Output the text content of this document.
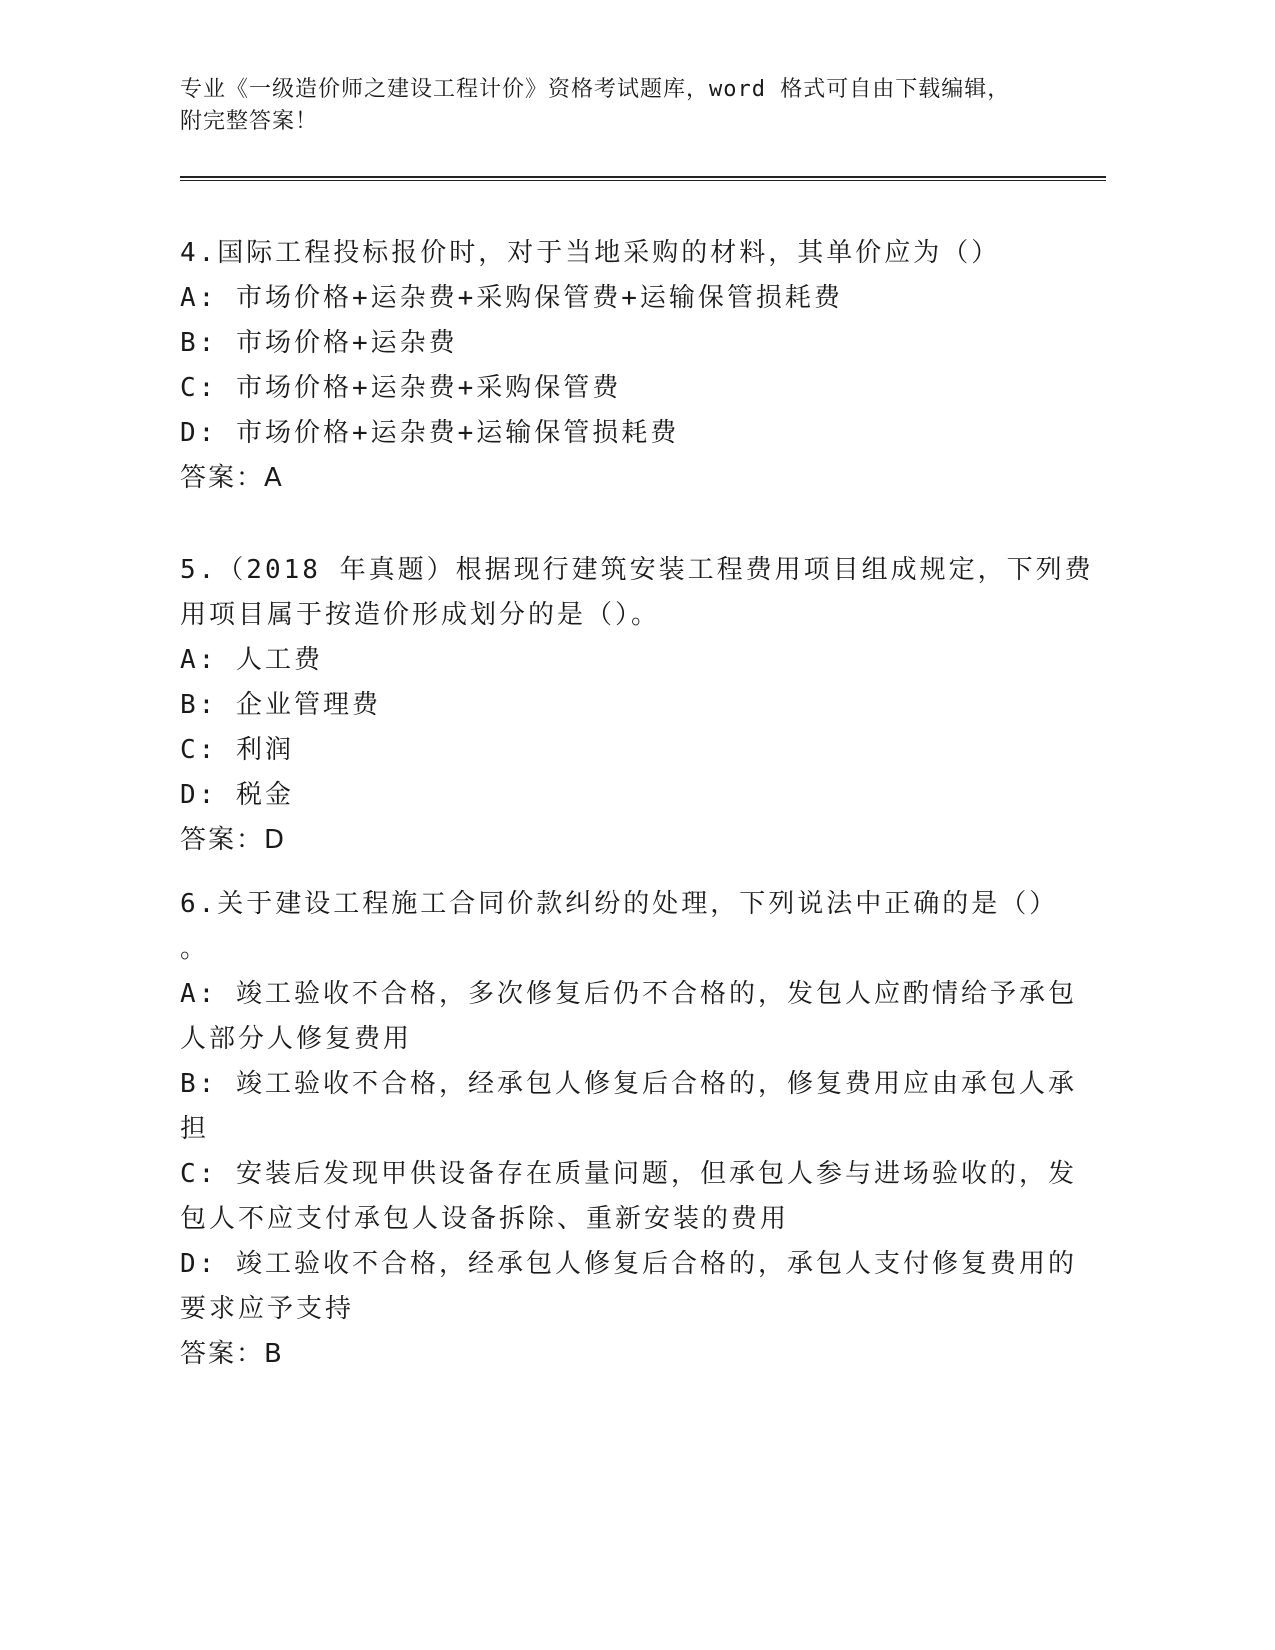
专业《一级造价师之建设工程计价》资格考试题库，word 格式可自由下载编辑，
附完整答案！
4.国际工程投标报价时，对于当地采购的材料，其单价应为（）
A: 市场价格+运杂费+采购保管费+运输保管损耗费
B: 市场价格+运杂费
C: 市场价格+运杂费+采购保管费
D: 市场价格+运杂费+运输保管损耗费
答案：A
5.（2018 年真题）根据现行建筑安装工程费用项目组成规定，下列费
用项目属于按造价形成划分的是（）。
A: 人工费
B: 企业管理费
C: 利润
D: 税金
答案：D
6.关于建设工程施工合同价款纠纷的处理，下列说法中正确的是（）
。
A: 竣工验收不合格，多次修复后仍不合格的，发包人应酌情给予承包
人部分人修复费用
B: 竣工验收不合格，经承包人修复后合格的，修复费用应由承包人承
担
C: 安装后发现甲供设备存在质量问题，但承包人参与进场验收的，发
包人不应支付承包人设备拆除、重新安装的费用
D: 竣工验收不合格，经承包人修复后合格的，承包人支付修复费用的
要求应予支持
答案：B
